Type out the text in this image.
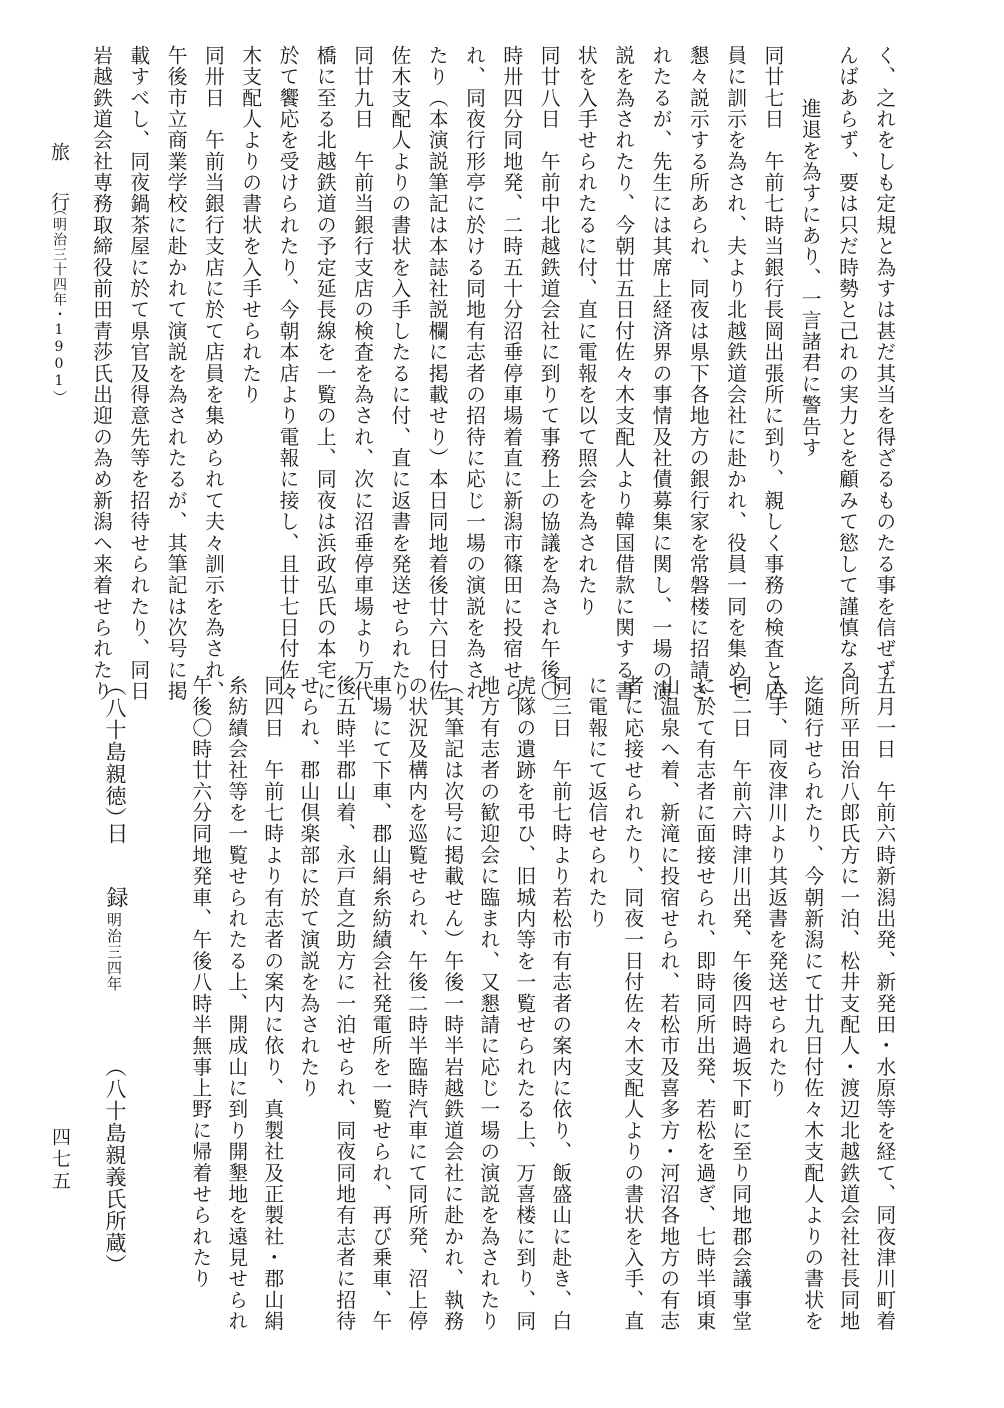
旅　行
（明治三十四年・1901）
四七五
く、之れをしも定規と為すは甚だ其当を得ざるものたる事を信ぜず
んばあらず、要は只だ時勢と己れの実力とを顧みて慾して謹慎なる
進退を為すにあり、一言諸君に警告す
同廿七日　午前七時当銀行長岡出張所に到り、親しく事務の検査と店
員に訓示を為され、夫より北越鉄道会社に赴かれ、役員一同を集めて
懇々説示する所あられ、同夜は県下各地方の銀行家を常磐楼に招請さ
れたるが、先生には其席上経済界の事情及社債募集に関し、一場の演
説を為されたり、今朝廿五日付佐々木支配人より韓国借款に関する書
状を入手せられたるに付、直に電報を以て照会を為されたり
同廿八日　午前中北越鉄道会社に到りて事務上の協議を為され午後〇
時卅四分同地発、二時五十分沼垂停車場着直に新潟市篠田に投宿せら
れ、同夜行形亭に於ける同地有志者の招待に応じ一場の演説を為され
たり（本演説筆記は本誌社説欄に掲載せり）本日同地着後廿六日付佐
佐木支配人よりの書状を入手したるに付、直に返書を発送せられたり
同廿九日　午前当銀行支店の検査を為され、次に沼垂停車場より万代
橋に至る北越鉄道の予定延長線を一覧の上、同夜は浜政弘氏の本宅に
於て饗応を受けられたり、今朝本店より電報に接し、且廿七日付佐々
木支配人よりの書状を入手せられたり
同卅日　午前当銀行支店に於て店員を集められて夫々訓示を為され、
午後市立商業学校に赴かれて演説を為されたるが、其筆記は次号に掲
載すべし、同夜鍋茶屋に於て県官及得意先等を招待せられたり、同日
岩越鉄道会社専務取締役前田青莎氏出迎の為め新潟へ来着せられたり
五月一日　午前六時新潟出発、新発田・水原等を経て、同夜津川町着
同所平田治八郎氏方に一泊、松井支配人・渡辺北越鉄道会社社長同地
迄随行せられたり、今朝新潟にて廿九日付佐々木支配人よりの書状を
入手、同夜津川より其返書を発送せられたり
同二日　午前六時津川出発、午後四時過坂下町に至り同地郡会議事堂
に於て有志者に面接せられ、即時同所出発、若松を過ぎ、七時半頃東
山温泉へ着、新滝に投宿せられ、若松市及喜多方・河沼各地方の有志
者に応接せられたり、同夜一日付佐々木支配人よりの書状を入手、直
に電報にて返信せられたり
同三日　午前七時より若松市有志者の案内に依り、飯盛山に赴き、白
虎隊の遺跡を弔ひ、旧城内等を一覧せられたる上、万喜楼に到り、同
地方有志者の歓迎会に臨まれ、又懇請に応じ一場の演説を為されたり
（其筆記は次号に掲載せん）午後一時半岩越鉄道会社に赴かれ、執務
の状況及構内を巡覧せられ、午後二時半臨時汽車にて同所発、沼上停
車場にて下車、郡山絹糸紡績会社発電所を一覧せられ、再び乗車、午
後五時半郡山着、永戸直之助方に一泊せられ、同夜同地有志者に招待
せられ、郡山倶楽部に於て演説を為されたり
同四日　午前七時より有志者の案内に依り、真製社及正製社・郡山絹
糸紡績会社等を一覧せられたる上、開成山に到り開墾地を遠見せられ
午後〇時廿六分同地発車、午後八時半無事上野に帰着せられたり
（八十島親徳）
日　録
明治三四年
（八十島親義氏所蔵）
